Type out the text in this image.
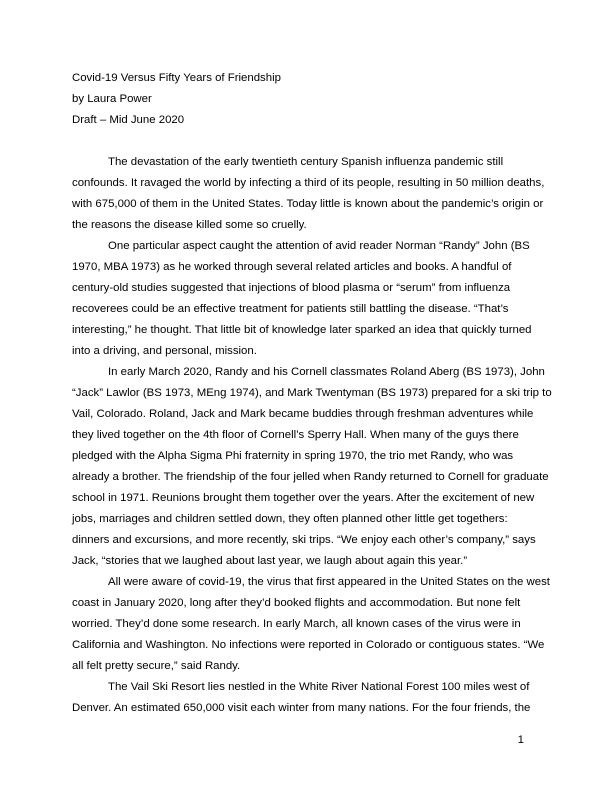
Covid-19 Versus Fifty Years of Friendship
by Laura Power
Draft – Mid June 2020

The devastation of the early twentieth century Spanish influenza pandemic still
confounds. It ravaged the world by infecting a third of its people, resulting in 50 million deaths,
with 675,000 of them in the United States. Today little is known about the pandemic’s origin or
the reasons the disease killed some so cruelly.

One particular aspect caught the attention of avid reader Norman “Randy” John (BS
1970, MBA 1973) as he worked through several related articles and books. A handful of
century-old studies suggested that injections of blood plasma or “serum” from influenza
recoverees could be an effective treatment for patients still battling the disease. “That’s
interesting,” he thought. That little bit of knowledge later sparked an idea that quickly turned
into a driving, and personal, mission.

In early March 2020, Randy and his Cornell classmates Roland Aberg (BS 1973), John
“Jack” Lawlor (BS 1973, MEng 1974), and Mark Twentyman (BS 1973) prepared for a ski trip to
Vail, Colorado. Roland, Jack and Mark became buddies through freshman adventures while
they lived together on the 4th floor of Cornell’s Sperry Hall. When many of the guys there
pledged with the Alpha Sigma Phi fraternity in spring 1970, the trio met Randy, who was
already a brother. The friendship of the four jelled when Randy returned to Cornell for graduate
school in 1971. Reunions brought them together over the years. After the excitement of new
jobs, marriages and children settled down, they often planned other little get togethers:
dinners and excursions, and more recently, ski trips. “We enjoy each other’s company,” says
Jack, “stories that we laughed about last year, we laugh about again this year.”

All were aware of covid-19, the virus that first appeared in the United States on the west
coast in January 2020, long after they’d booked flights and accommodation. But none felt
worried. They’d done some research. In early March, all known cases of the virus were in
California and Washington. No infections were reported in Colorado or contiguous states. “We
all felt pretty secure,” said Randy.

The Vail Ski Resort lies nestled in the White River National Forest 100 miles west of
Denver. An estimated 650,000 visit each winter from many nations. For the four friends, the

1
